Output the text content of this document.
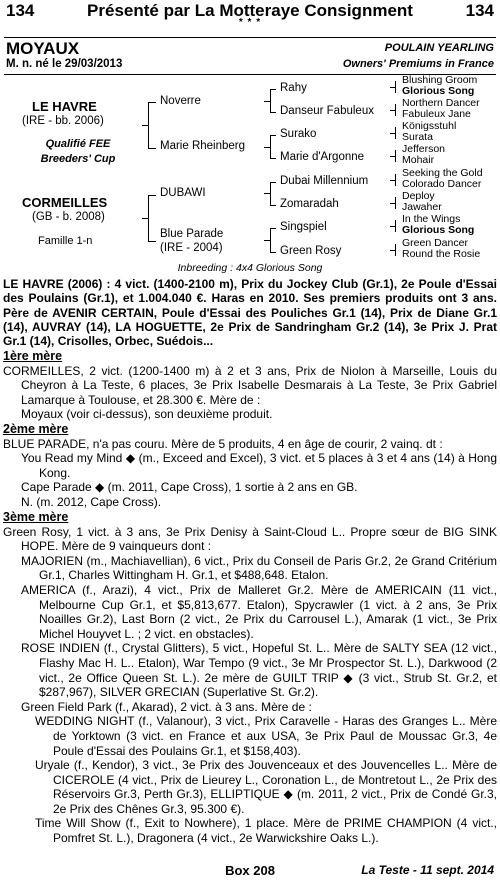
134	Présenté par La Motteraye Consignment	134
* * *
MOYAUX	POULAIN YEARLING
M. n. né le 29/03/2013	Owners' Premiums in France
LE HAVRE
(IRE - bb. 2006)
Qualifié FEE Breeders' Cup
CORMEILLES
(GB - b. 2008)
Famille 1-n
Noverre
Marie Rheinberg
DUBAWI
Blue Parade
(IRE - 2004)
Rahy
Danseur Fabuleux
Surako
Marie d'Argonne
Dubai Millennium
Zomaradah
Singspiel
Green Rosy
Blushing Groom
Glorious Song
Northern Dancer
Fabuleux Jane
Königsstuhl
Surata
Jefferson
Mohair
Seeking the Gold
Colorado Dancer
Deploy
Jawaher
In the Wings
Glorious Song
Green Dancer
Round the Rosie
Inbreeding : 4x4 Glorious Song
LE HAVRE (2006) : 4 vict. (1400-2100 m), Prix du Jockey Club (Gr.1), 2e Poule d'Essai des Poulains (Gr.1), et 1.004.040 €. Haras en 2010. Ses premiers produits ont 3 ans. Père de AVENIR CERTAIN, Poule d'Essai des Pouliches Gr.1 (14), Prix de Diane Gr.1 (14), AUVRAY (14), LA HOGUETTE, 2e Prix de Sandringham Gr.2 (14), 3e Prix J. Prat Gr.1 (14), Crisolles, Orbec, Suédois...

1ère mère

CORMEILLES, 2 vict. (1200-1400 m) à 2 et 3 ans, Prix de Niolon à Marseille, Louis du Cheyron à La Teste, 6 places, 3e Prix Isabelle Desmarais à La Teste, 3e Prix Gabriel Lamarque à Toulouse, et 28.300 €. Mère de :

Moyaux (voir ci-dessus), son deuxième produit.

2ème mère

BLUE PARADE, n'a pas couru. Mère de 5 produits, 4 en âge de courir, 2 vainq. dt :

You Read my Mind ◆ (m., Exceed and Excel), 3 vict. et 5 places à 3 et 4 ans (14) à Hong Kong.

Cape Parade ◆ (m. 2011, Cape Cross), 1 sortie à 2 ans en GB.

N. (m. 2012, Cape Cross).

3ème mère

Green Rosy, 1 vict. à 3 ans, 3e Prix Denisy à Saint-Cloud L.. Propre sœur de BIG SINK HOPE. Mère de 9 vainqueurs dont :

MAJORIEN (m., Machiavellian), 6 vict., Prix du Conseil de Paris Gr.2, 2e Grand Critérium Gr.1, Charles Wittingham H. Gr.1, et $488,648. Etalon.

AMERICA (f., Arazi), 4 vict., Prix de Malleret Gr.2. Mère de AMERICAIN (11 vict., Melbourne Cup Gr.1, et $5,813,677. Etalon), Spycrawler (1 vict. à 2 ans, 3e Prix Noailles Gr.2), Last Born (2 vict., 2e Prix du Carrousel L.), Amarak (1 vict., 3e Prix Michel Houyvet L. ; 2 vict. en obstacles).

ROSE INDIEN (f., Crystal Glitters), 5 vict., Hopeful St. L.. Mère de SALTY SEA (12 vict., Flashy Mac H. L.. Etalon), War Tempo (9 vict., 3e Mr Prospector St. L.), Darkwood (2 vict., 2e Office Queen St. L.). 2e mère de GUILT TRIP ◆ (3 vict., Strub St. Gr.2, et $287,967), SILVER GRECIAN (Superlative St. Gr.2).

Green Field Park (f., Akarad), 2 vict. à 3 ans. Mère de :

WEDDING NIGHT (f., Valanour), 3 vict., Prix Caravelle - Haras des Granges L.. Mère de Yorktown (3 vict. en France et aux USA, 3e Prix Paul de Moussac Gr.3, 4e Poule d'Essai des Poulains Gr.1, et $158,403).

Uryale (f., Kendor), 3 vict., 3e Prix des Jouvenceaux et des Jouvencelles L.. Mère de CICEROLE (4 vict., Prix de Lieurey L., Coronation L., de Montretout L., 2e Prix des Réservoirs Gr.3, Perth Gr.3), ELLIPTIQUE ◆ (m. 2011, 2 vict., Prix de Condé Gr.3, 2e Prix des Chênes Gr.3, 95.300 €).

Time Will Show (f., Exit to Nowhere), 1 place. Mère de PRIME CHAMPION (4 vict., Pomfret St. L.), Dragonera (4 vict., 2e Warwickshire Oaks L.).

Box 208	La Teste - 11 sept. 2014
